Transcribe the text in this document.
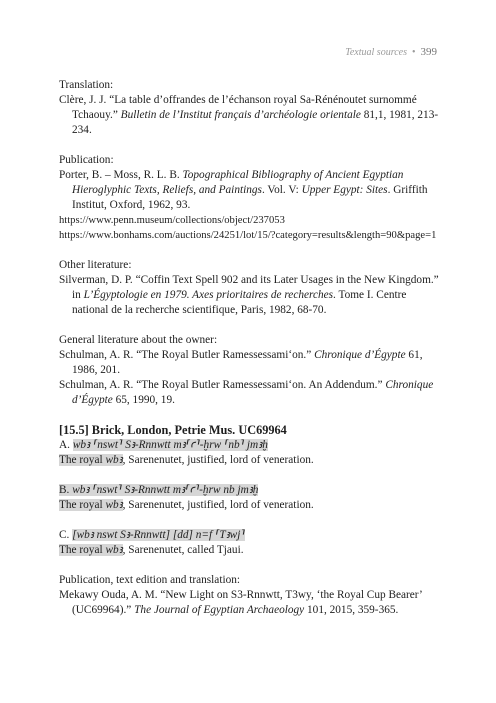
Textual sources • 399
Translation:
Clère, J. J. “La table d’offrandes de l’échanson royal Sa-Rénénoutet surnommé Tchaouy.” Bulletin de l’Institut français d’archéologie orientale 81,1, 1981, 213-234.
Publication:
Porter, B. – Moss, R. L. B. Topographical Bibliography of Ancient Egyptian Hieroglyphic Texts, Reliefs, and Paintings. Vol. V: Upper Egypt: Sites. Griffith Institut, Oxford, 1962, 93.
https://www.penn.museum/collections/object/237053
https://www.bonhams.com/auctions/24251/lot/15/?category=results&length=90&page=1
Other literature:
Silverman, D. P. “Coffin Text Spell 902 and its Later Usages in the New Kingdom.” in L’Égyptologie en 1979. Axes prioritaires de recherches. Tome I. Centre national de la recherche scientifique, Paris, 1982, 68-70.
General literature about the owner:
Schulman, A. R. “The Royal Butler Ramessessami‘on.” Chronique d’Égypte 61, 1986, 201.
Schulman, A. R. “The Royal Butler Ramessessami‘on. An Addendum.” Chronique d’Égypte 65, 1990, 19.
[15.5] Brick, London, Petrie Mus. UC69964
A. wbꜣ ⸢nswt⸣ Sꜣ-Rnnwtt mꜣ⸢ꜥ⸣-ḫrw ⸢nb⸣ jmꜣḫ
The royal wbꜣ, Sarenenutet, justified, lord of veneration.
B. wbꜣ ⸢nswt⸣ Sꜣ-Rnnwtt mꜣ⸢ꜥ⸣-ḫrw nb jmꜣḫ
The royal wbꜣ, Sarenenutet, justified, lord of veneration.
C. [wbꜣ nswt Sꜣ-Rnnwtt] [dd] n=f ⸢Tꜣwj⸣
The royal wbꜣ, Sarenenutet, called Tjaui.
Publication, text edition and translation:
Mekawy Ouda, A. M. “New Light on S3-Rnnwtt, T3wy, ‘the Royal Cup Bearer’ (UC69964).” The Journal of Egyptian Archaeology 101, 2015, 359-365.
